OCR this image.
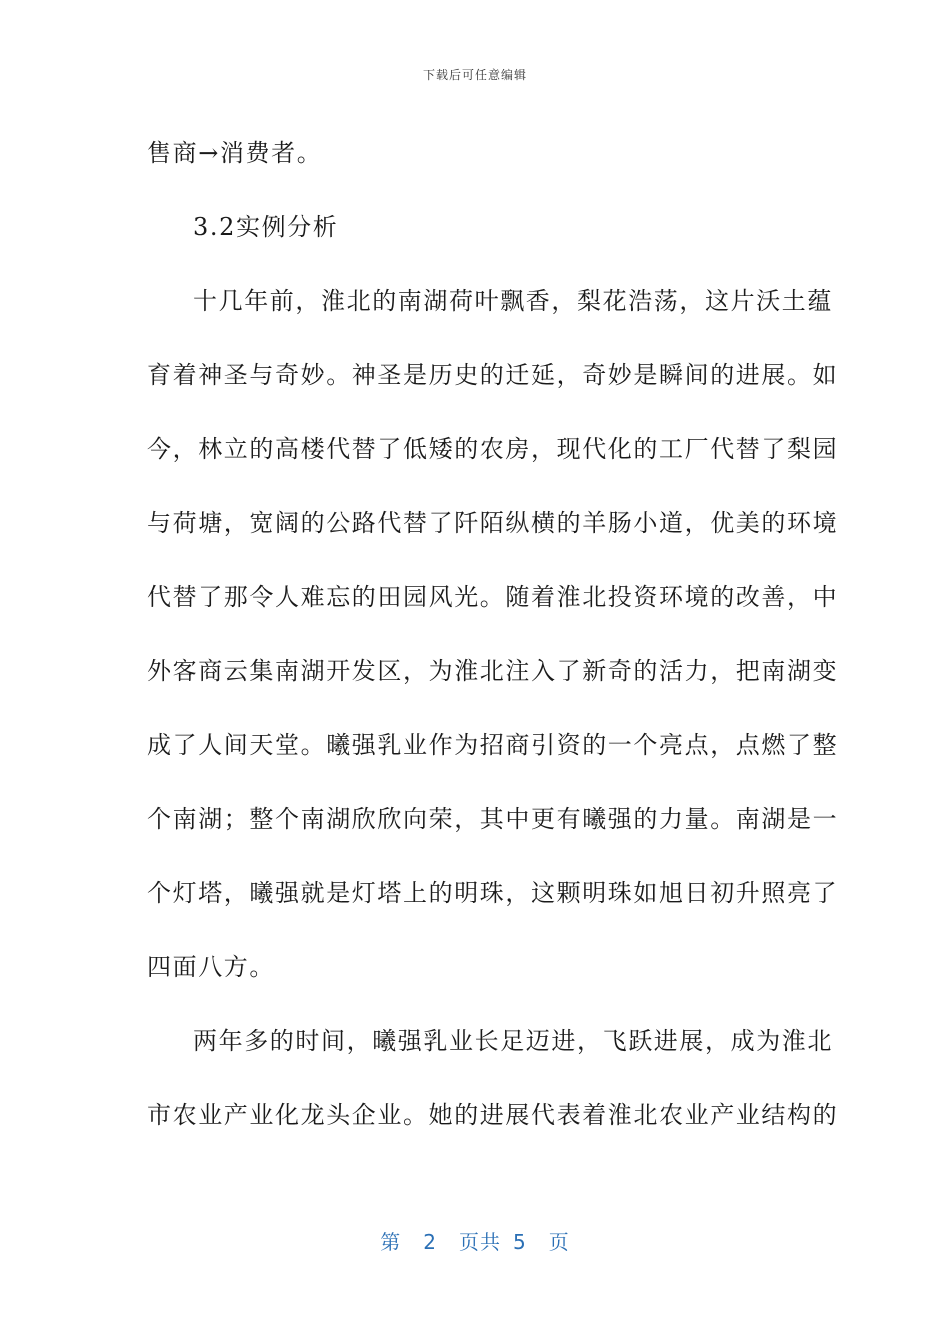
下载后可任意编辑
售商→消费者。
3.2实例分析
十几年前，淮北的南湖荷叶飘香，梨花浩荡，这片沃土蕴
育着神圣与奇妙。神圣是历史的迁延，奇妙是瞬间的进展。如
今，林立的高楼代替了低矮的农房，现代化的工厂代替了梨园
与荷塘，宽阔的公路代替了阡陌纵横的羊肠小道，优美的环境
代替了那令人难忘的田园风光。随着淮北投资环境的改善，中
外客商云集南湖开发区，为淮北注入了新奇的活力，把南湖变
成了人间天堂。曦强乳业作为招商引资的一个亮点，点燃了整
个南湖；整个南湖欣欣向荣，其中更有曦强的力量。南湖是一
个灯塔，曦强就是灯塔上的明珠，这颗明珠如旭日初升照亮了
四面八方。
两年多的时间，曦强乳业长足迈进，飞跃进展，成为淮北
市农业产业化龙头企业。她的进展代表着淮北农业产业结构的
第 2 页共 5 页
